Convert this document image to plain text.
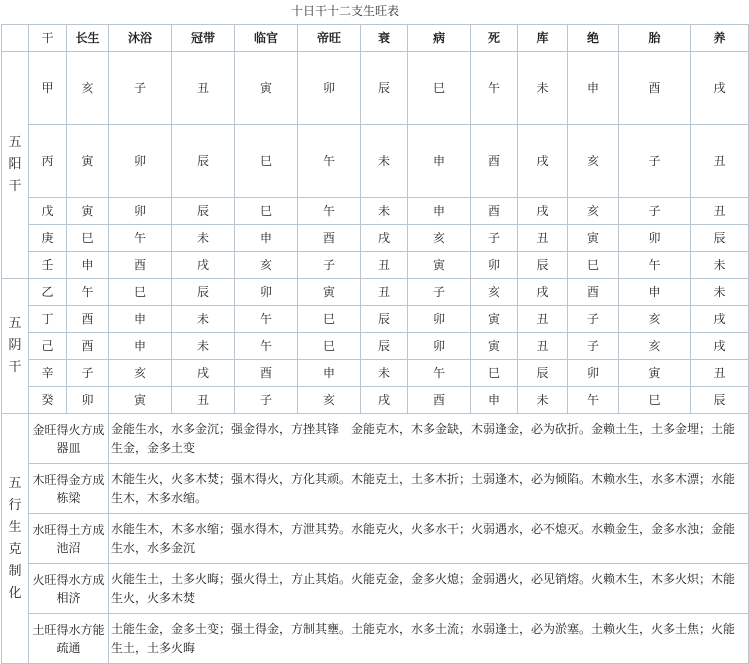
十日干十二支生旺表
	干	长生	沐浴	冠带	临官	帝旺	衰	病	死	库	绝	胎	养
五阳干	甲	亥	子	丑	寅	卯	辰	巳	午	未	申	酉	戌
	丙	寅	卯	辰	巳	午	未	申	酉	戌	亥	子	丑
	戊	寅	卯	辰	巳	午	未	申	酉	戌	亥	子	丑
	庚	巳	午	未	申	酉	戌	亥	子	丑	寅	卯	辰
	壬	申	酉	戌	亥	子	丑	寅	卯	辰	巳	午	未
五阴干	乙	午	巳	辰	卯	寅	丑	子	亥	戌	酉	申	未
	丁	酉	申	未	午	巳	辰	卯	寅	丑	子	亥	戌
	己	酉	申	未	午	巳	辰	卯	寅	丑	子	亥	戌
	辛	子	亥	戌	酉	申	未	午	巳	辰	卯	寅	丑
	癸	卯	寅	丑	子	亥	戌	酉	申	未	午	巳	辰
五行生克制化	金旺得火方成器皿		金能生水，水多金沉；强金得水，方挫其锋　金能克木，木多金缺，木弱逢金，必为砍折。金赖土生，土多金埋；土能生金，金多土变										
	木旺得金方成栋梁		木能生火，火多木焚；强木得火，方化其顽。木能克土，土多木折；土弱逢木，必为倾陷。木赖水生，水多木漂；水能生木，木多水缩。										
	水旺得土方成池沼		水能生木，木多水缩；强水得木，方泄其势。水能克火，火多水干；火弱遇水，必不熄灭。水赖金生，金多水浊；金能生水，水多金沉										
	火旺得水方成相济		火能生土，土多火晦；强火得土，方止其焰。火能克金，金多火熄；金弱遇火，必见销熔。火赖木生，木多火炽；木能生火，火多木焚										
	土旺得水方能疏通		土能生金，金多土变；强土得金，方制其壅。土能克水，水多土流；水弱逢土，必为淤塞。土赖火生，火多土焦；火能生土，土多火晦										
